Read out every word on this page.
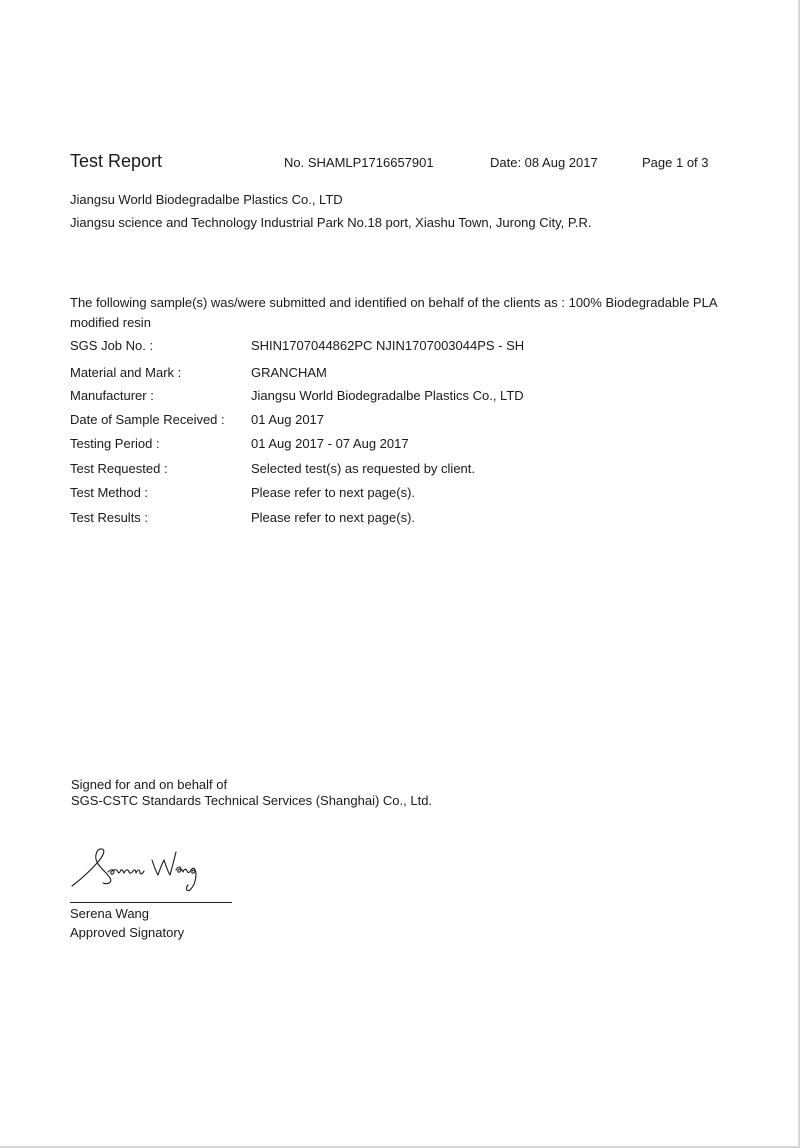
Test Report	No. SHAMLP1716657901	Date: 08 Aug 2017	Page 1 of 3
Jiangsu World Biodegradalbe Plastics Co., LTD
Jiangsu science and Technology Industrial Park No.18 port, Xiashu Town, Jurong City, P.R.
The following sample(s) was/were submitted and identified on behalf of the clients as : 100% Biodegradable PLA modified resin
SGS Job No. :	SHIN1707044862PC NJIN1707003044PS - SH
Material and Mark :	GRANCHAM
Manufacturer :	Jiangsu World Biodegradalbe Plastics Co., LTD
Date of Sample Received : 01 Aug 2017
Testing Period :	01 Aug 2017 - 07 Aug 2017
Test Requested :	Selected test(s) as requested by client.
Test Method :	Please refer to next page(s).
Test Results :	Please refer to next page(s).
Signed for and on behalf of
SGS-CSTC Standards Technical Services (Shanghai) Co., Ltd.
Serena Wang
Approved Signatory
